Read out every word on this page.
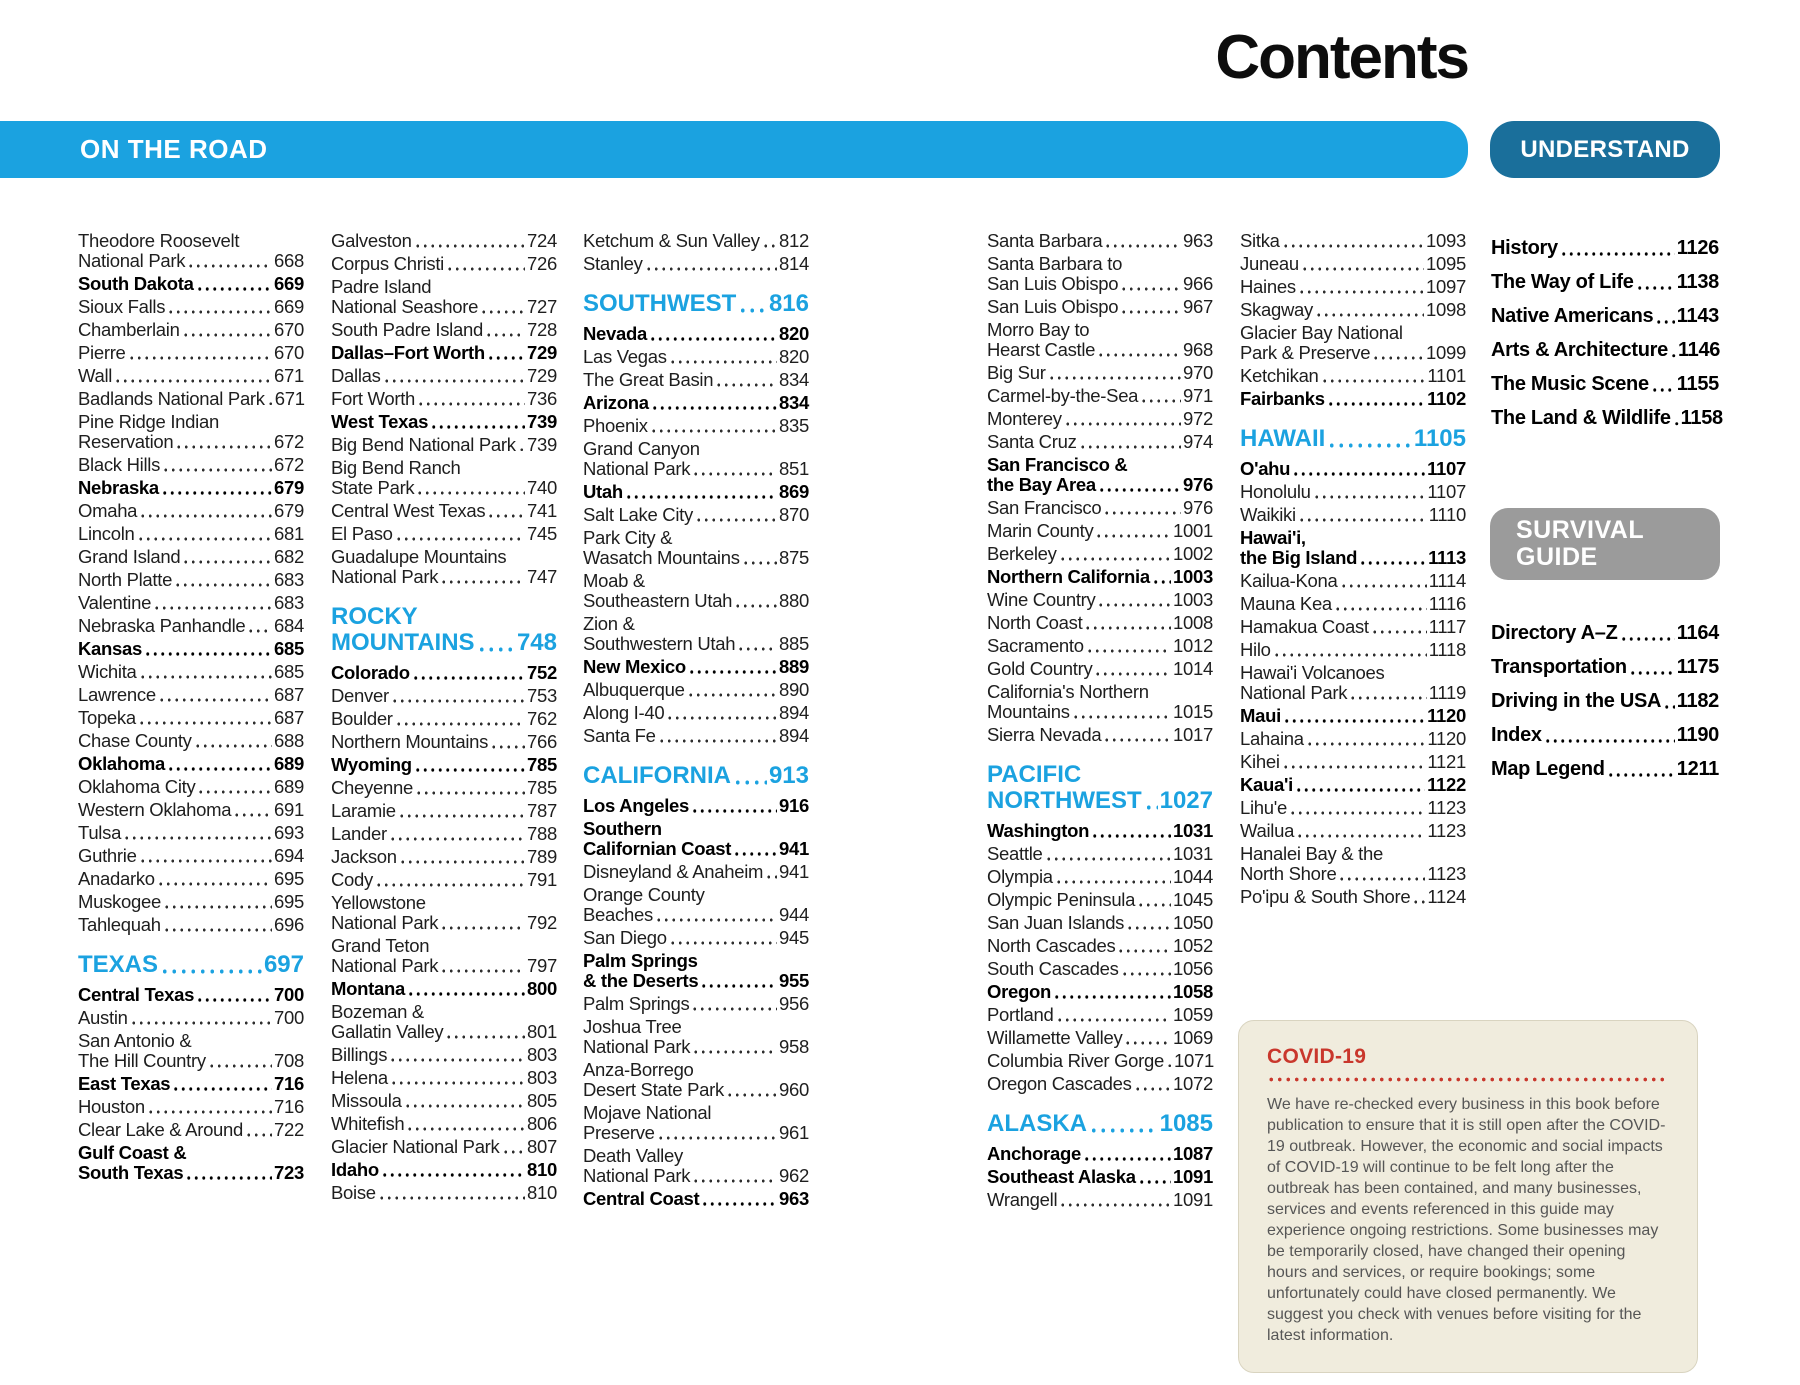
Contents
ON THE ROAD	UNDERSTAND
Theodore Roosevelt
National Park	668
South Dakota	669
Sioux Falls	669
Chamberlain	670
Pierre	670
Wall	671
Badlands National Park 671
Pine Ridge Indian
Reservation	672
Black Hills	672
Nebraska	679
Omaha	679
Lincoln	681
Grand Island	682
North Platte	683
Valentine	683
Nebraska Panhandle 684
Kansas	685
Wichita	685
Lawrence	687
Topeka	687
Chase County	688
Oklahoma	689
Oklahoma City	689
Western Oklahoma 691
Tulsa	693
Guthrie	694
Anadarko	695
Muskogee	695
Tahlequah	696
TEXAS	697
Central Texas	700
Austin	700
San Antonio &
The Hill Country	708
East Texas	716
Houston	716
Clear Lake & Around 722
Gulf Coast &
South Texas	723
Galveston	724
Corpus Christi	726
Padre Island
National Seashore	727
South Padre Island 728
Dallas–Fort Worth 729
Dallas	729
Fort Worth	736
West Texas	739
Big Bend National Park 739
Big Bend Ranch
State Park	740
Central West Texas 741
El Paso	745
Guadalupe Mountains
National Park	747
ROCKY
MOUNTAINS 748
Colorado	752
Denver	753
Boulder	762
Northern Mountains 766
Wyoming	785
Cheyenne	785
Laramie	787
Lander	788
Jackson	789
Cody	791
Yellowstone
National Park	792
Grand Teton
National Park	797
Montana	800
Bozeman &
Gallatin Valley	801
Billings	803
Helena	803
Missoula	805
Whitefish	806
Glacier National Park 807
Idaho	810
Boise	810
Ketchum & Sun Valley 812
Stanley	814
SOUTHWEST 816
Nevada	820
Las Vegas	820
The Great Basin	834
Arizona	834
Phoenix	835
Grand Canyon
National Park	851
Utah	869
Salt Lake City	870
Park City &
Wasatch Mountains 875
Moab &
Southeastern Utah	880
Zion &
Southwestern Utah 885
New Mexico	889
Albuquerque	890
Along I-40	894
Santa Fe	894
CALIFORNIA 913
Los Angeles	916
Southern
Californian Coast	941
Disneyland & Anaheim 941
Orange County
Beaches	944
San Diego	945
Palm Springs
& the Deserts	955
Palm Springs	956
Joshua Tree
National Park	958
Anza-Borrego
Desert State Park	960
Mojave National
Preserve	961
Death Valley
National Park	962
Central Coast	963
Santa Barbara	963
Santa Barbara to
San Luis Obispo	966
San Luis Obispo	967
Morro Bay to
Hearst Castle	968
Big Sur	970
Carmel-by-the-Sea 971
Monterey	972
Santa Cruz	974
San Francisco &
the Bay Area	976
San Francisco	976
Marin County	1001
Berkeley	1002
Northern California 1003
Wine Country	1003
North Coast	1008
Sacramento	1012
Gold Country	1014
California's Northern
Mountains	1015
Sierra Nevada	1017
PACIFIC
NORTHWEST 1027
Washington	1031
Seattle	1031
Olympia	1044
Olympic Peninsula 1045
San Juan Islands	1050
North Cascades	1052
South Cascades	1056
Oregon	1058
Portland	1059
Willamette Valley	1069
Columbia River Gorge 1071
Oregon Cascades 1072
ALASKA	1085
Anchorage	1087
Southeast Alaska 1091
Wrangell	1091
Sitka	1093
Juneau	1095
Haines	1097
Skagway	1098
Glacier Bay National
Park & Preserve	1099
Ketchikan	1101
Fairbanks	1102
HAWAII	1105
O'ahu	1107
Honolulu	1107
Waikiki	1110
Hawai'i,
the Big Island	1113
Kailua-Kona	1114
Mauna Kea	1116
Hamakua Coast	1117
Hilo	1118
Hawai'i Volcanoes
National Park	1119
Maui	1120
Lahaina	1120
Kihei	1121
Kaua'i	1122
Lihu'e	1123
Wailua	1123
Hanalei Bay & the
North Shore	1123
Po'ipu & South Shore 1124
History	1126
The Way of Life 1138
Native Americans 1143
Arts & Architecture 1146
The Music Scene 1155
The Land & Wildlife 1158
SURVIVAL
GUIDE
Directory A–Z	1164
Transportation 1175
Driving in the USA 1182
Index	1190
Map Legend	1211
COVID-19
We have re-checked every business in this book before publication to ensure that it is still open after the COVID-19 outbreak. However, the economic and social impacts of COVID-19 will continue to be felt long after the outbreak has been contained, and many businesses, services and events referenced in this guide may experience ongoing restrictions. Some businesses may be temporarily closed, have changed their opening hours and services, or require bookings; some unfortunately could have closed permanently. We suggest you check with venues before visiting for the latest information.
